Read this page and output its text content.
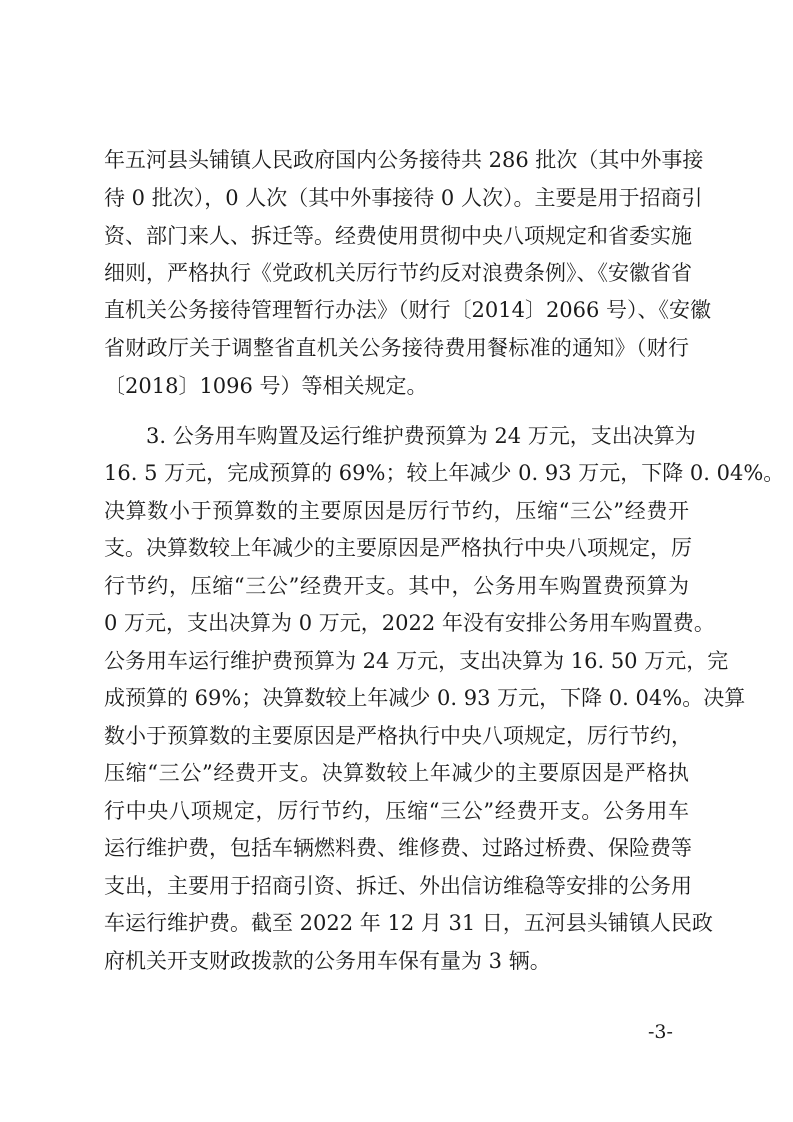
年五河县头铺镇人民政府国内公务接待共 286 批次（其中外事接
待 0 批次），0 人次（其中外事接待 0 人次）。主要是用于招商引
资、部门来人、拆迁等。经费使用贯彻中央八项规定和省委实施
细则，严格执行《党政机关厉行节约反对浪费条例》、《安徽省省
直机关公务接待管理暂行办法》（财行〔2014〕2066 号）、《安徽
省财政厅关于调整省直机关公务接待费用餐标准的通知》（财行
〔2018〕1096 号）等相关规定。
3. 公务用车购置及运行维护费预算为 24 万元，支出决算为
16. 5 万元，完成预算的 69%；较上年减少 0. 93 万元，下降 0. 04%。
决算数小于预算数的主要原因是厉行节约，压缩“三公”经费开
支。决算数较上年减少的主要原因是严格执行中央八项规定，厉
行节约，压缩“三公”经费开支。其中，公务用车购置费预算为
0 万元，支出决算为 0 万元，2022 年没有安排公务用车购置费。
公务用车运行维护费预算为 24 万元，支出决算为 16. 50 万元，完
成预算的 69%；决算数较上年减少 0. 93 万元，下降 0. 04%。决算
数小于预算数的主要原因是严格执行中央八项规定，厉行节约，
压缩“三公”经费开支。决算数较上年减少的主要原因是严格执
行中央八项规定，厉行节约，压缩“三公”经费开支。公务用车
运行维护费，包括车辆燃料费、维修费、过路过桥费、保险费等
支出，主要用于招商引资、拆迁、外出信访维稳等安排的公务用
车运行维护费。截至 2022 年 12 月 31 日，五河县头铺镇人民政
府机关开支财政拨款的公务用车保有量为 3 辆。
-3-
